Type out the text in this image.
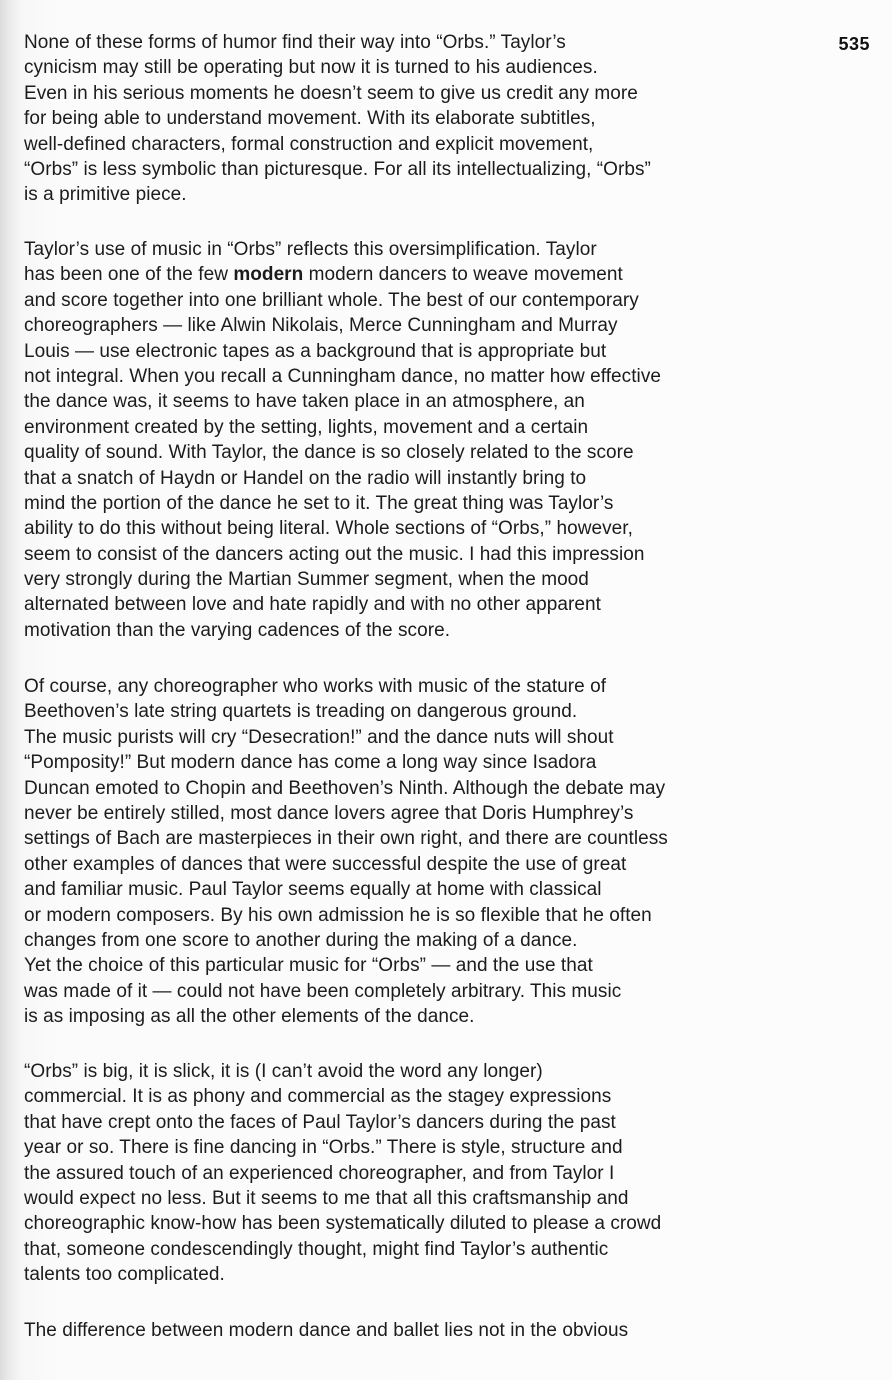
535
None of these forms of humor find their way into “Orbs.” Taylor’s
cynicism may still be operating but now it is turned to his audiences.
Even in his serious moments he doesn’t seem to give us credit any more
for being able to understand movement. With its elaborate subtitles,
well-defined characters, formal construction and explicit movement,
“Orbs” is less symbolic than picturesque. For all its intellectualizing, “Orbs”
is a primitive piece.
Taylor’s use of music in “Orbs” reflects this oversimplification. Taylor
has been one of the few modern modern dancers to weave movement
and score together into one brilliant whole. The best of our contemporary
choreographers — like Alwin Nikolais, Merce Cunningham and Murray
Louis — use electronic tapes as a background that is appropriate but
not integral. When you recall a Cunningham dance, no matter how effective
the dance was, it seems to have taken place in an atmosphere, an
environment created by the setting, lights, movement and a certain
quality of sound. With Taylor, the dance is so closely related to the score
that a snatch of Haydn or Handel on the radio will instantly bring to
mind the portion of the dance he set to it. The great thing was Taylor’s
ability to do this without being literal. Whole sections of “Orbs,” however,
seem to consist of the dancers acting out the music. I had this impression
very strongly during the Martian Summer segment, when the mood
alternated between love and hate rapidly and with no other apparent
motivation than the varying cadences of the score.
Of course, any choreographer who works with music of the stature of
Beethoven’s late string quartets is treading on dangerous ground.
The music purists will cry “Desecration!” and the dance nuts will shout
“Pomposity!” But modern dance has come a long way since Isadora
Duncan emoted to Chopin and Beethoven’s Ninth. Although the debate may
never be entirely stilled, most dance lovers agree that Doris Humphrey’s
settings of Bach are masterpieces in their own right, and there are countless
other examples of dances that were successful despite the use of great
and familiar music. Paul Taylor seems equally at home with classical
or modern composers. By his own admission he is so flexible that he often
changes from one score to another during the making of a dance.
Yet the choice of this particular music for “Orbs” — and the use that
was made of it — could not have been completely arbitrary. This music
is as imposing as all the other elements of the dance.
“Orbs” is big, it is slick, it is (I can’t avoid the word any longer)
commercial. It is as phony and commercial as the stagey expressions
that have crept onto the faces of Paul Taylor’s dancers during the past
year or so. There is fine dancing in “Orbs.” There is style, structure and
the assured touch of an experienced choreographer, and from Taylor I
would expect no less. But it seems to me that all this craftsmanship and
choreographic know-how has been systematically diluted to please a crowd
that, someone condescendingly thought, might find Taylor’s authentic
talents too complicated.
The difference between modern dance and ballet lies not in the obvious
